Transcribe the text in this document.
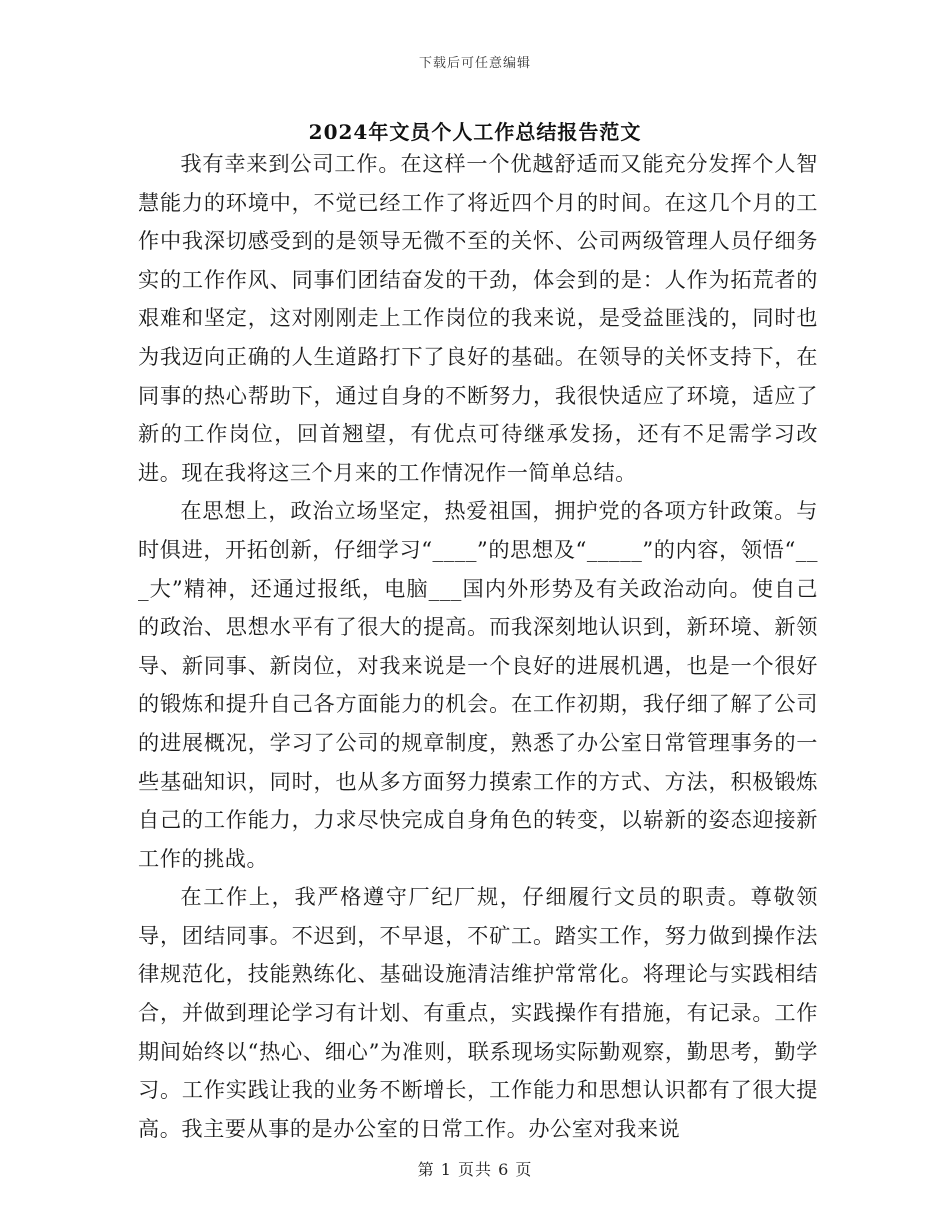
下载后可任意编辑
2024年文员个人工作总结报告范文

我有幸来到公司工作。在这样一个优越舒适而又能充分发挥个人智慧能力的环境中，不觉已经工作了将近四个月的时间。在这几个月的工作中我深切感受到的是领导无微不至的关怀、公司两级管理人员仔细务实的工作作风、同事们团结奋发的干劲，体会到的是：人作为拓荒者的艰难和坚定，这对刚刚走上工作岗位的我来说，是受益匪浅的，同时也为我迈向正确的人生道路打下了良好的基础。在领导的关怀支持下，在同事的热心帮助下，通过自身的不断努力，我很快适应了环境，适应了新的工作岗位，回首翘望，有优点可待继承发扬，还有不足需学习改进。现在我将这三个月来的工作情况作一简单总结。

在思想上，政治立场坚定，热爱祖国，拥护党的各项方针政策。与时俱进，开拓创新，仔细学习“____”的思想及“_____”的内容，领悟“___大”精神，还通过报纸，电脑___国内外形势及有关政治动向。使自己的政治、思想水平有了很大的提高。而我深刻地认识到，新环境、新领导、新同事、新岗位，对我来说是一个良好的进展机遇，也是一个很好的锻炼和提升自己各方面能力的机会。在工作初期，我仔细了解了公司的进展概况，学习了公司的规章制度，熟悉了办公室日常管理事务的一些基础知识，同时，也从多方面努力摸索工作的方式、方法，积极锻炼自己的工作能力，力求尽快完成自身角色的转变，以崭新的姿态迎接新工作的挑战。

在工作上，我严格遵守厂纪厂规，仔细履行文员的职责。尊敬领导，团结同事。不迟到，不早退，不矿工。踏实工作，努力做到操作法律规范化，技能熟练化、基础设施清洁维护常常化。将理论与实践相结合，并做到理论学习有计划、有重点，实践操作有措施，有记录。工作期间始终以“热心、细心”为准则，联系现场实际勤观察，勤思考，勤学习。工作实践让我的业务不断增长，工作能力和思想认识都有了很大提高。我主要从事的是办公室的日常工作。办公室对我来说

第 1 页共 6 页
